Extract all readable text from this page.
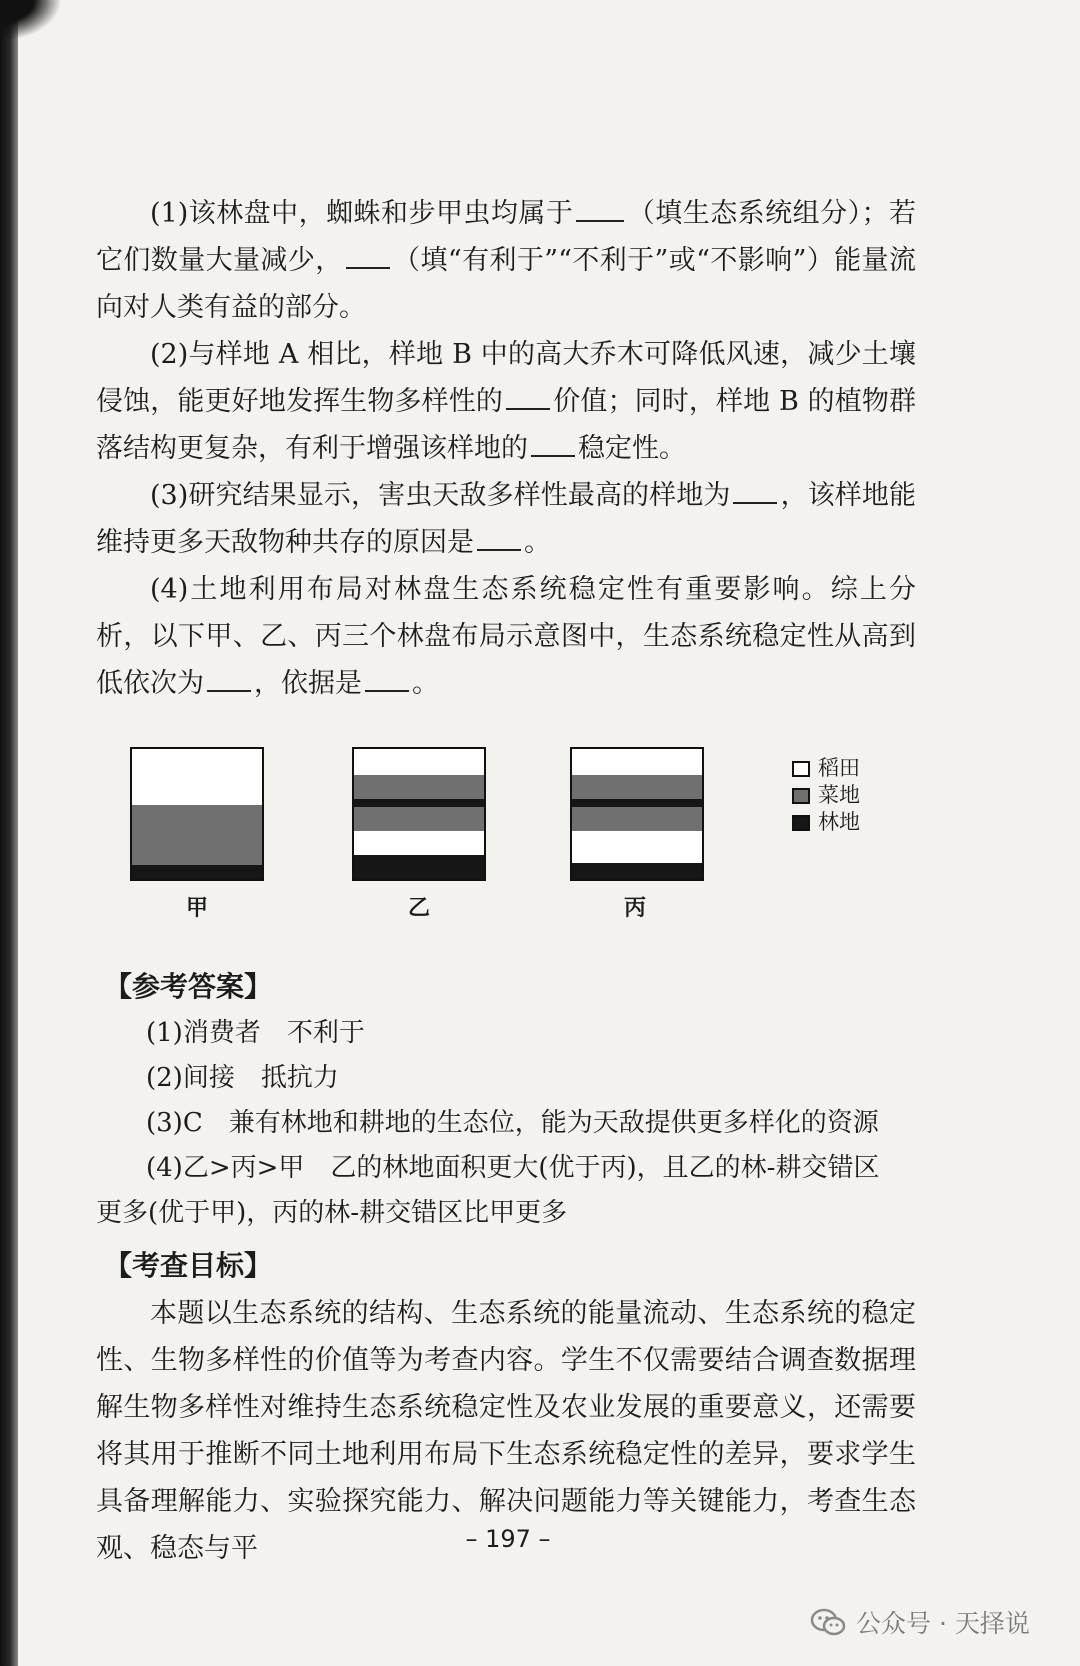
(1)该林盘中，蜘蛛和步甲虫均属于 （填生态系统组分）；若它们数量大量减少， （填“有利于”“不利于”或“不影响”）能量流向对人类有益的部分。

(2)与样地 A 相比，样地 B 中的高大乔木可降低风速，减少土壤侵蚀，能更好地发挥生物多样性的 价值；同时，样地 B 的植物群落结构更复杂，有利于增强该样地的 稳定性。

(3)研究结果显示，害虫天敌多样性最高的样地为 ，该样地能维持更多天敌物种共存的原因是 。

(4)土地利用布局对林盘生态系统稳定性有重要影响。综上分析，以下甲、乙、丙三个林盘布局示意图中，生态系统稳定性从高到低依次为 ，依据是 。

甲	乙	丙
稻田
菜地
林地

【参考答案】

(1)消费者　不利于

(2)间接　抵抗力

(3)C　兼有林地和耕地的生态位，能为天敌提供更多样化的资源

(4)乙>丙>甲　乙的林地面积更大(优于丙)，且乙的林-耕交错区

更多(优于甲)，丙的林-耕交错区比甲更多

【考查目标】

本题以生态系统的结构、生态系统的能量流动、生态系统的稳定性、生物多样性的价值等为考查内容。学生不仅需要结合调查数据理解生物多样性对维持生态系统稳定性及农业发展的重要意义，还需要将其用于推断不同土地利用布局下生态系统稳定性的差异，要求学生具备理解能力、实验探究能力、解决问题能力等关键能力，考查生态观、稳态与平	– 197 –
公众号 · 天择说
